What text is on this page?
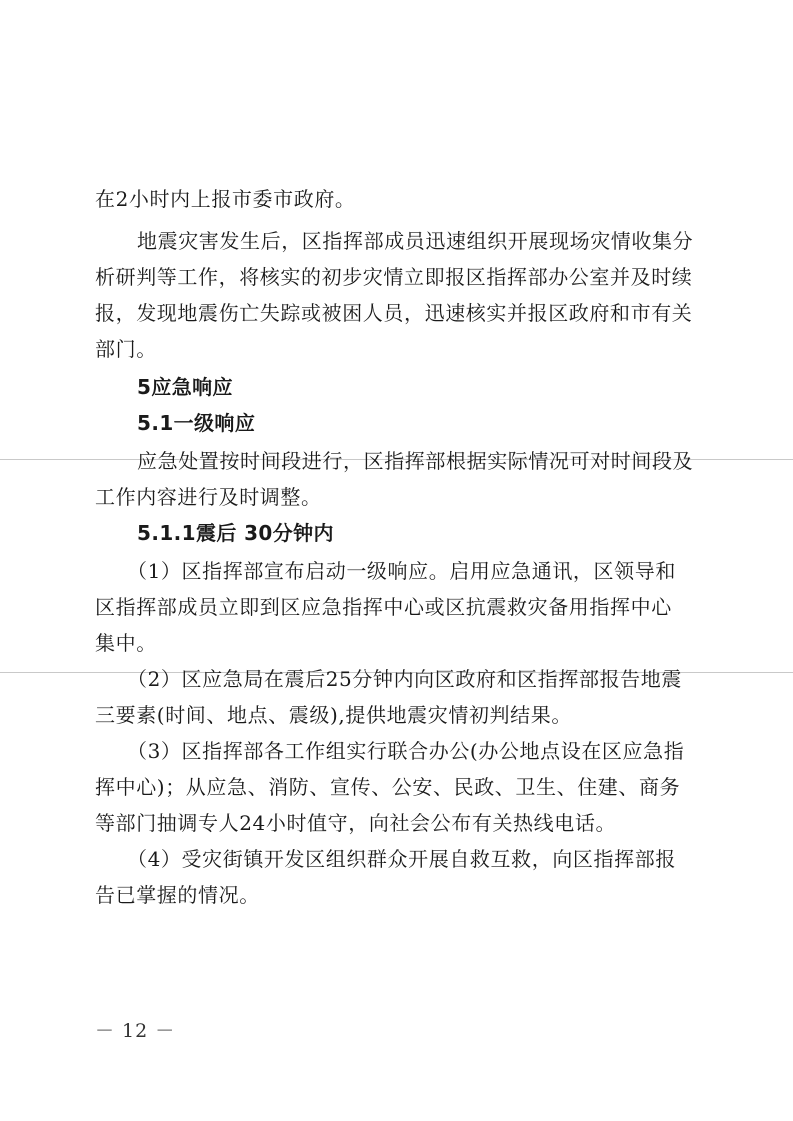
在2小时内上报市委市政府。
地震灾害发生后，区指挥部成员迅速组织开展现场灾情收集分
析研判等工作，将核实的初步灾情立即报区指挥部办公室并及时续
报，发现地震伤亡失踪或被困人员，迅速核实并报区政府和市有关
部门。
5应急响应
5.1一级响应
应急处置按时间段进行，区指挥部根据实际情况可对时间段及
工作内容进行及时调整。
5.1.1震后 30分钟内
（1）区指挥部宣布启动一级响应。启用应急通讯，区领导和
区指挥部成员立即到区应急指挥中心或区抗震救灾备用指挥中心
集中。
（2）区应急局在震后25分钟内向区政府和区指挥部报告地震
三要素(时间、地点、震级),提供地震灾情初判结果。
（3）区指挥部各工作组实行联合办公(办公地点设在区应急指
挥中心)；从应急、消防、宣传、公安、民政、卫生、住建、商务
等部门抽调专人24小时值守，向社会公布有关热线电话。
（4）受灾街镇开发区组织群众开展自救互救，向区指挥部报
告已掌握的情况。
－ 12 －
